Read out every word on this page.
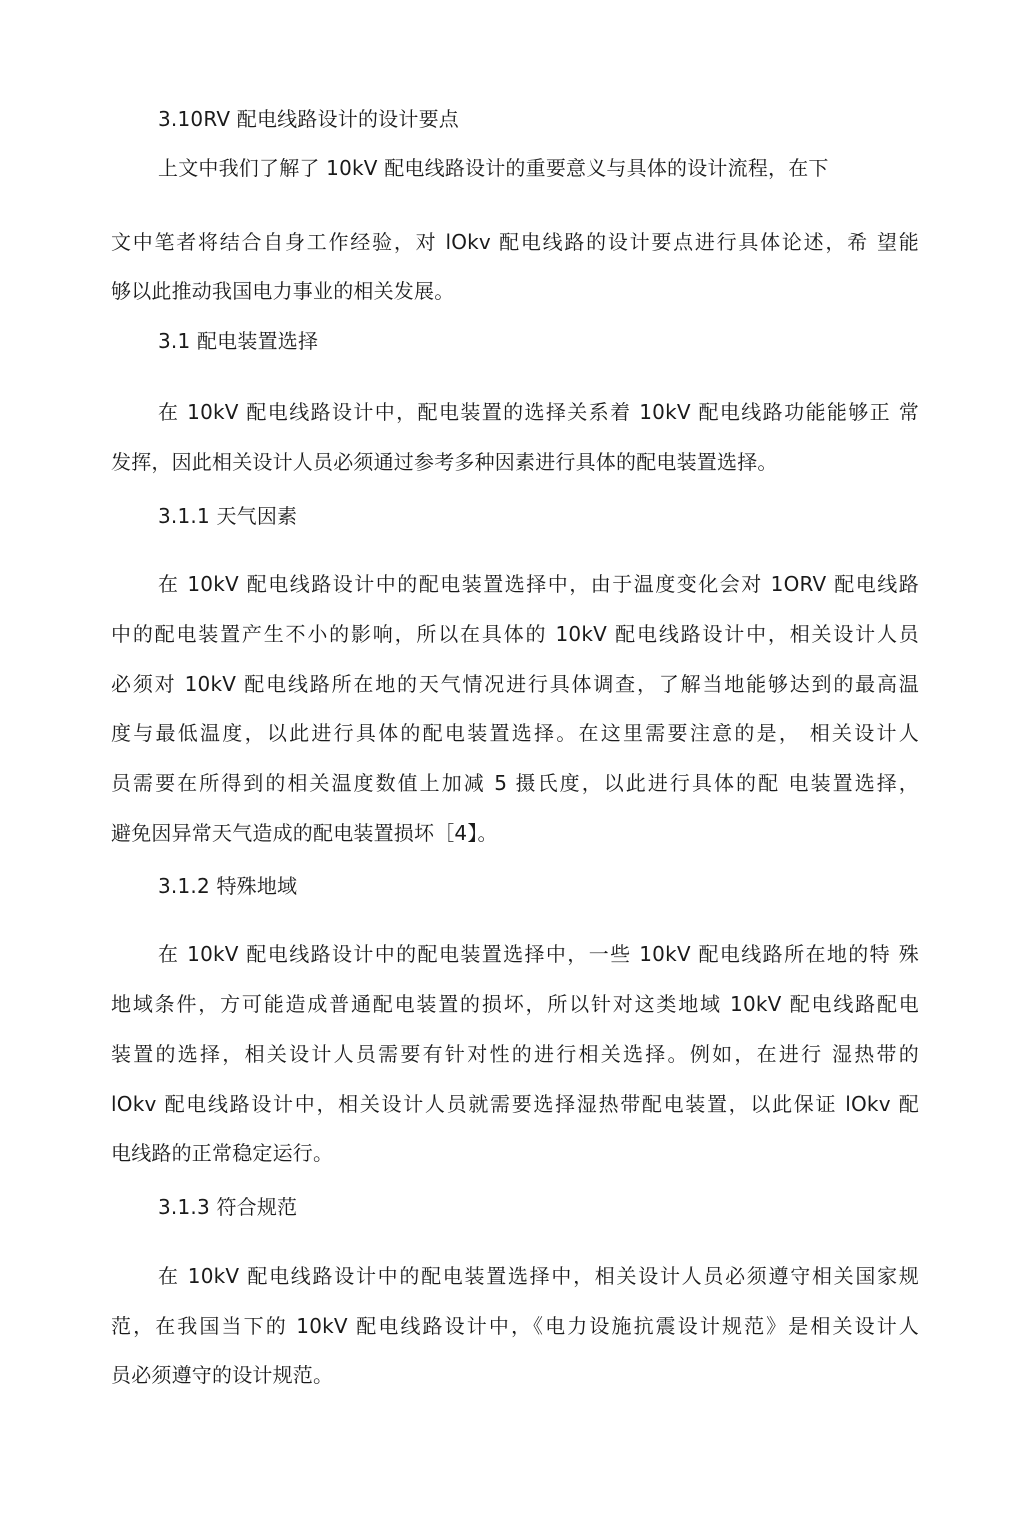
3.10RV 配电线路设计的设计要点
上文中我们了解了 10kV 配电线路设计的重要意义与具体的设计流程，在下
文中笔者将结合自身工作经验，对 lOkv 配电线路的设计要点进行具体论述，希 望能
够以此推动我国电力事业的相关发展。
3.1 配电装置选择
在 10kV 配电线路设计中，配电装置的选择关系着 10kV 配电线路功能能够正 常
发挥，因此相关设计人员必须通过参考多种因素进行具体的配电装置选择。
3.1.1 天气因素
在 10kV 配电线路设计中的配电装置选择中，由于温度变化会对 1ORV 配电线路
中的配电装置产生不小的影响，所以在具体的 10kV 配电线路设计中，相关设计人员
必须对 10kV 配电线路所在地的天气情况进行具体调查，了解当地能够达到的最高温
度与最低温度，以此进行具体的配电装置选择。在这里需要注意的是， 相关设计人
员需要在所得到的相关温度数值上加减 5 摄氏度，以此进行具体的配 电装置选择，
避免因异常天气造成的配电装置损坏［4】。
3.1.2 特殊地域
在 10kV 配电线路设计中的配电装置选择中，一些 10kV 配电线路所在地的特 殊
地域条件，方可能造成普通配电装置的损坏，所以针对这类地域 10kV 配电线路配电
装置的选择，相关设计人员需要有针对性的进行相关选择。例如，在进行 湿热带的
lOkv 配电线路设计中，相关设计人员就需要选择湿热带配电装置，以此保证 lOkv 配
电线路的正常稳定运行。
3.1.3 符合规范
在 10kV 配电线路设计中的配电装置选择中，相关设计人员必须遵守相关国家规
范，在我国当下的 10kV 配电线路设计中，《电力设施抗震设计规范》是相关设计人
员必须遵守的设计规范。
